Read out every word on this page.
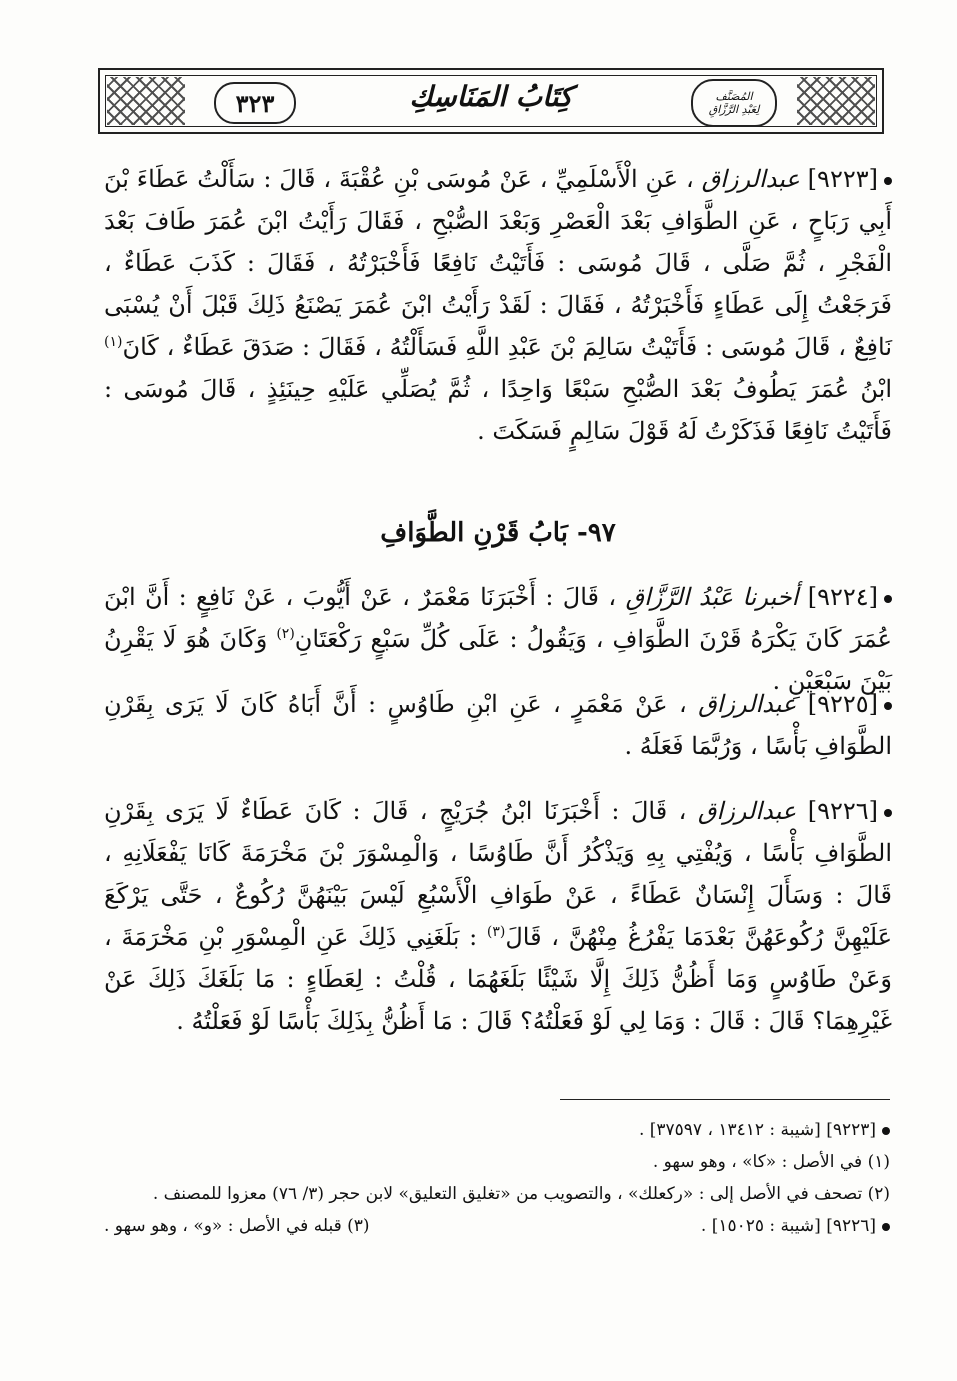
٣٢٣	كِتَابُ المَنَاسِكِ	المُصَنَّف
لِعَبْدِ الرَّزَّاقِ

[٩٢٢٣] عبدالرزاق ، عَنِ الْأَسْلَمِيِّ ، عَنْ مُوسَى بْنِ عُقْبَةَ ، قَالَ : سَأَلْتُ عَطَاءَ بْنَ أَبِي رَبَاحٍ ، عَنِ الطَّوَافِ بَعْدَ الْعَصْرِ وَبَعْدَ الصُّبْحِ ، فَقَالَ رَأَيْتُ ابْنَ عُمَرَ طَافَ بَعْدَ الْفَجْرِ ، ثُمَّ صَلَّى ، قَالَ مُوسَى : فَأَتَيْتُ نَافِعًا فَأَخْبَرْتُهُ ، فَقَالَ : كَذَبَ عَطَاءٌ ، فَرَجَعْتُ إِلَى عَطَاءٍ فَأَخْبَرْتُهُ ، فَقَالَ : لَقَدْ رَأَيْتُ ابْنَ عُمَرَ يَصْنَعُ ذَلِكَ قَبْلَ أَنْ يُسْبَى نَافِعٌ ، قَالَ مُوسَى : فَأَتَيْتُ سَالِمَ بْنَ عَبْدِ اللَّهِ فَسَأَلْتُهُ ، فَقَالَ : صَدَقَ عَطَاءٌ ، كَانَ$^{(١)}$ ابْنُ عُمَرَ يَطُوفُ بَعْدَ الصُّبْحِ سَبْعًا وَاحِدًا ، ثُمَّ يُصَلِّي عَلَيْهِ حِينَئِذٍ ، قَالَ مُوسَى : فَأَتَيْتُ نَافِعًا فَذَكَرْتُ لَهُ قَوْلَ سَالِمٍ فَسَكَتَ .

٩٧- بَابُ قَرْنِ الطَّوَافِ

[٩٢٢٤] أخبرنا عَبْدُ الرَّزَّاقِ ، قَالَ : أَخْبَرَنَا مَعْمَرٌ ، عَنْ أَيُّوبَ ، عَنْ نَافِعٍ : أَنَّ ابْنَ عُمَرَ كَانَ يَكْرَهُ قَرْنَ الطَّوَافِ ، وَيَقُولُ : عَلَى كُلِّ سَبْعٍ رَكْعَتَانِ$^{(٢)}$ وَكَانَ هُوَ لَا يَقْرِنُ بَيْنَ سَبْعَيْنِ .

[٩٢٢٥] عبدالرزاق ، عَنْ مَعْمَرٍ ، عَنِ ابْنِ طَاوُسٍ : أَنَّ أَبَاهُ كَانَ لَا يَرَى بِقَرْنِ الطَّوَافِ بَأْسًا ، وَرُبَّمَا فَعَلَهُ .

[٩٢٢٦] عبدالرزاق ، قَالَ : أَخْبَرَنَا ابْنُ جُرَيْجٍ ، قَالَ : كَانَ عَطَاءٌ لَا يَرَى بِقَرْنِ الطَّوَافِ بَأْسًا ، وَيُفْتِي بِهِ وَيَذْكُرُ أَنَّ طَاوُسًا ، وَالْمِسْوَرَ بْنَ مَخْرَمَةَ كَانَا يَفْعَلَانِهِ ، قَالَ : وَسَأَلَ إِنْسَانٌ عَطَاءً ، عَنْ طَوَافِ الْأَسْبُعِ لَيْسَ بَيْنَهُنَّ رُكُوعٌ ، حَتَّى يَرْكَعَ عَلَيْهِنَّ رُكُوعَهُنَّ بَعْدَمَا يَفْرُغُ مِنْهُنَّ ، قَالَ$^{(٣)}$ : بَلَغَنِي ذَلِكَ عَنِ الْمِسْوَرِ بْنِ مَخْرَمَةَ ، وَعَنْ طَاوُسٍ وَمَا أَظُنُّ ذَلِكَ إِلَّا شَيْئًا بَلَغَهُمَا ، قُلْتُ : لِعَطَاءٍ : مَا بَلَغَكَ ذَلِكَ عَنْ غَيْرِهِمَا؟ قَالَ : قَالَ : وَمَا لِي لَوْ فَعَلْتُهُ؟ قَالَ : مَا أَظُنُّ بِذَلِكَ بَأْسًا لَوْ فَعَلْتُهُ .

[٩٢٢٣] [شيبة : ١٣٤١٢ ، ٣٧٥٩٧] .

(١) في الأصل : «كا» ، وهو سهو .

(٢) تصحف في الأصل إلى : «ركعلك» ، والتصويب من «تغليق التعليق» لابن حجر (٣/ ٧٦) معزوا للمصنف .

[٩٢٢٦] [شيبة : ١٥٠٢٥] .
(٣) قبله في الأصل : «و» ، وهو سهو .
